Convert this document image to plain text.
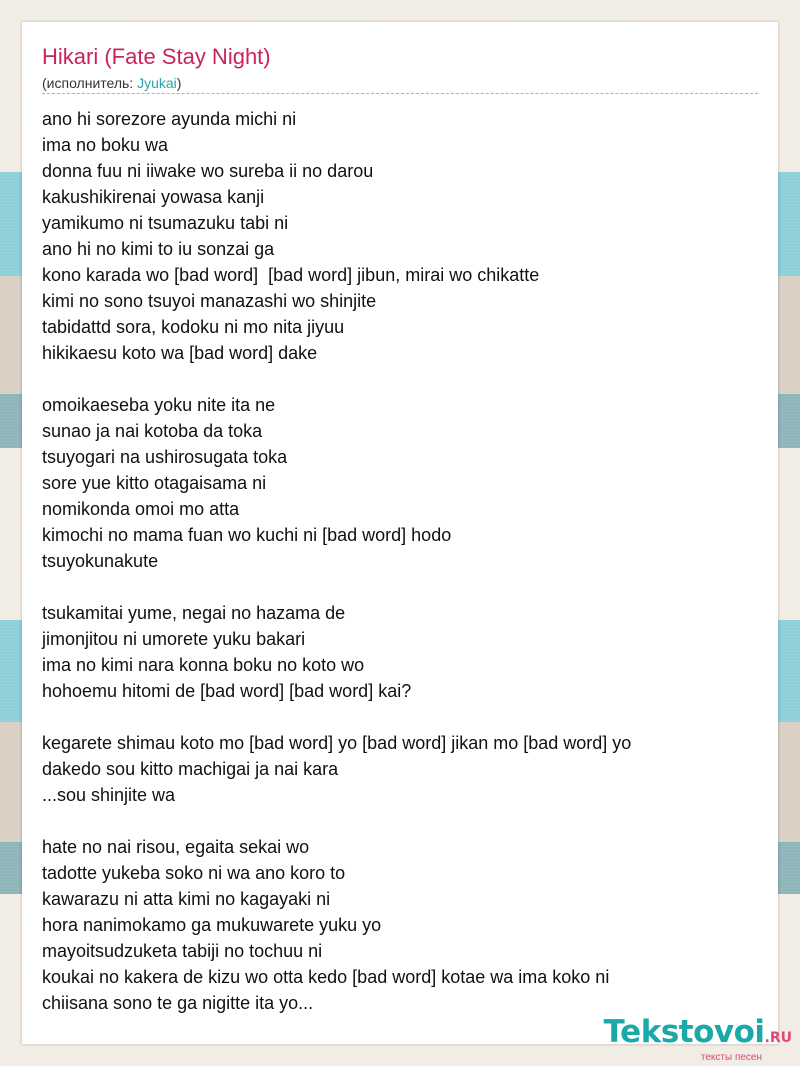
Hikari (Fate Stay Night)
(исполнитель: Jyukai)
ano hi sorezore ayunda michi ni
ima no boku wa
donna fuu ni iiwake wo sureba ii no darou
kakushikirenai yowasa kanji
yamikumo ni tsumazuku tabi ni
ano hi no kimi to iu sonzai ga
kono karada wo [bad word]  [bad word] jibun, mirai wo chikatte
kimi no sono tsuyoi manazashi wo shinjite
tabidattd sora, kodoku ni mo nita jiyuu
hikikaesu koto wa [bad word] dake
omoikaeseba yoku nite ita ne
sunao ja nai kotoba da toka
tsuyogari na ushirosugata toka
sore yue kitto otagaisama ni
nomikonda omoi mo atta
kimochi no mama fuan wo kuchi ni [bad word] hodo
tsuyokunakute
tsukamitai yume, negai no hazama de
jimonjitou ni umorete yuku bakari
ima no kimi nara konna boku no koto wo
hohoemu hitomi de [bad word] [bad word] kai?
kegarete shimau koto mo [bad word] yo [bad word] jikan mo [bad word] yo
dakedo sou kitto machigai ja nai kara
...sou shinjite wa
hate no nai risou, egaita sekai wo
tadotte yukeba soko ni wa ano koro to
kawarazu ni atta kimi no kagayaki ni
hora nanimokamo ga mukuwarete yuku yo
mayoitsudzuketa tabiji no tochuu ni
koukai no kakera de kizu wo otta kedo [bad word] kotae wa ima koko ni
chiisana sono te ga nigitte ita yo...
Tekstovoi.RU
тексты песен
